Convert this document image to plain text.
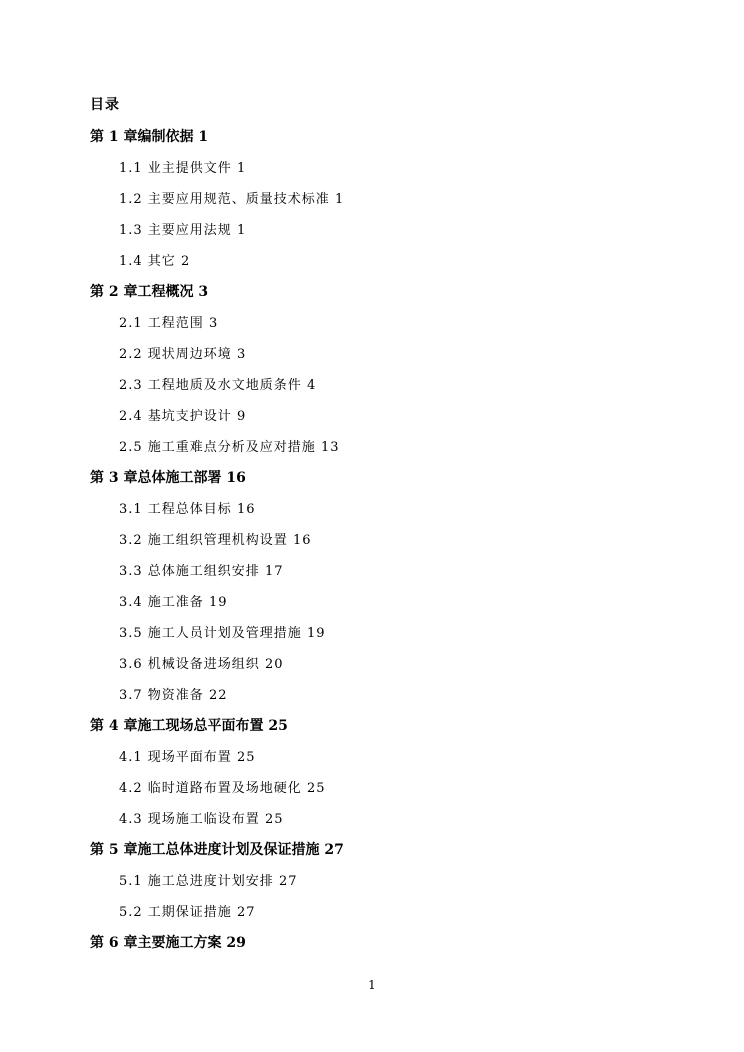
目录
第 1 章编制依据 1
1.1 业主提供文件 1
1.2 主要应用规范、质量技术标准 1
1.3 主要应用法规 1
1.4 其它 2
第 2 章工程概况 3
2.1 工程范围 3
2.2 现状周边环境 3
2.3 工程地质及水文地质条件 4
2.4 基坑支护设计 9
2.5 施工重难点分析及应对措施 13
第 3 章总体施工部署 16
3.1 工程总体目标 16
3.2 施工组织管理机构设置 16
3.3 总体施工组织安排 17
3.4 施工准备 19
3.5 施工人员计划及管理措施 19
3.6 机械设备进场组织 20
3.7 物资准备 22
第 4 章施工现场总平面布置 25
4.1 现场平面布置 25
4.2 临时道路布置及场地硬化 25
4.3 现场施工临设布置 25
第 5 章施工总体进度计划及保证措施 27
5.1 施工总进度计划安排 27
5.2 工期保证措施 27
第 6 章主要施工方案 29
1
